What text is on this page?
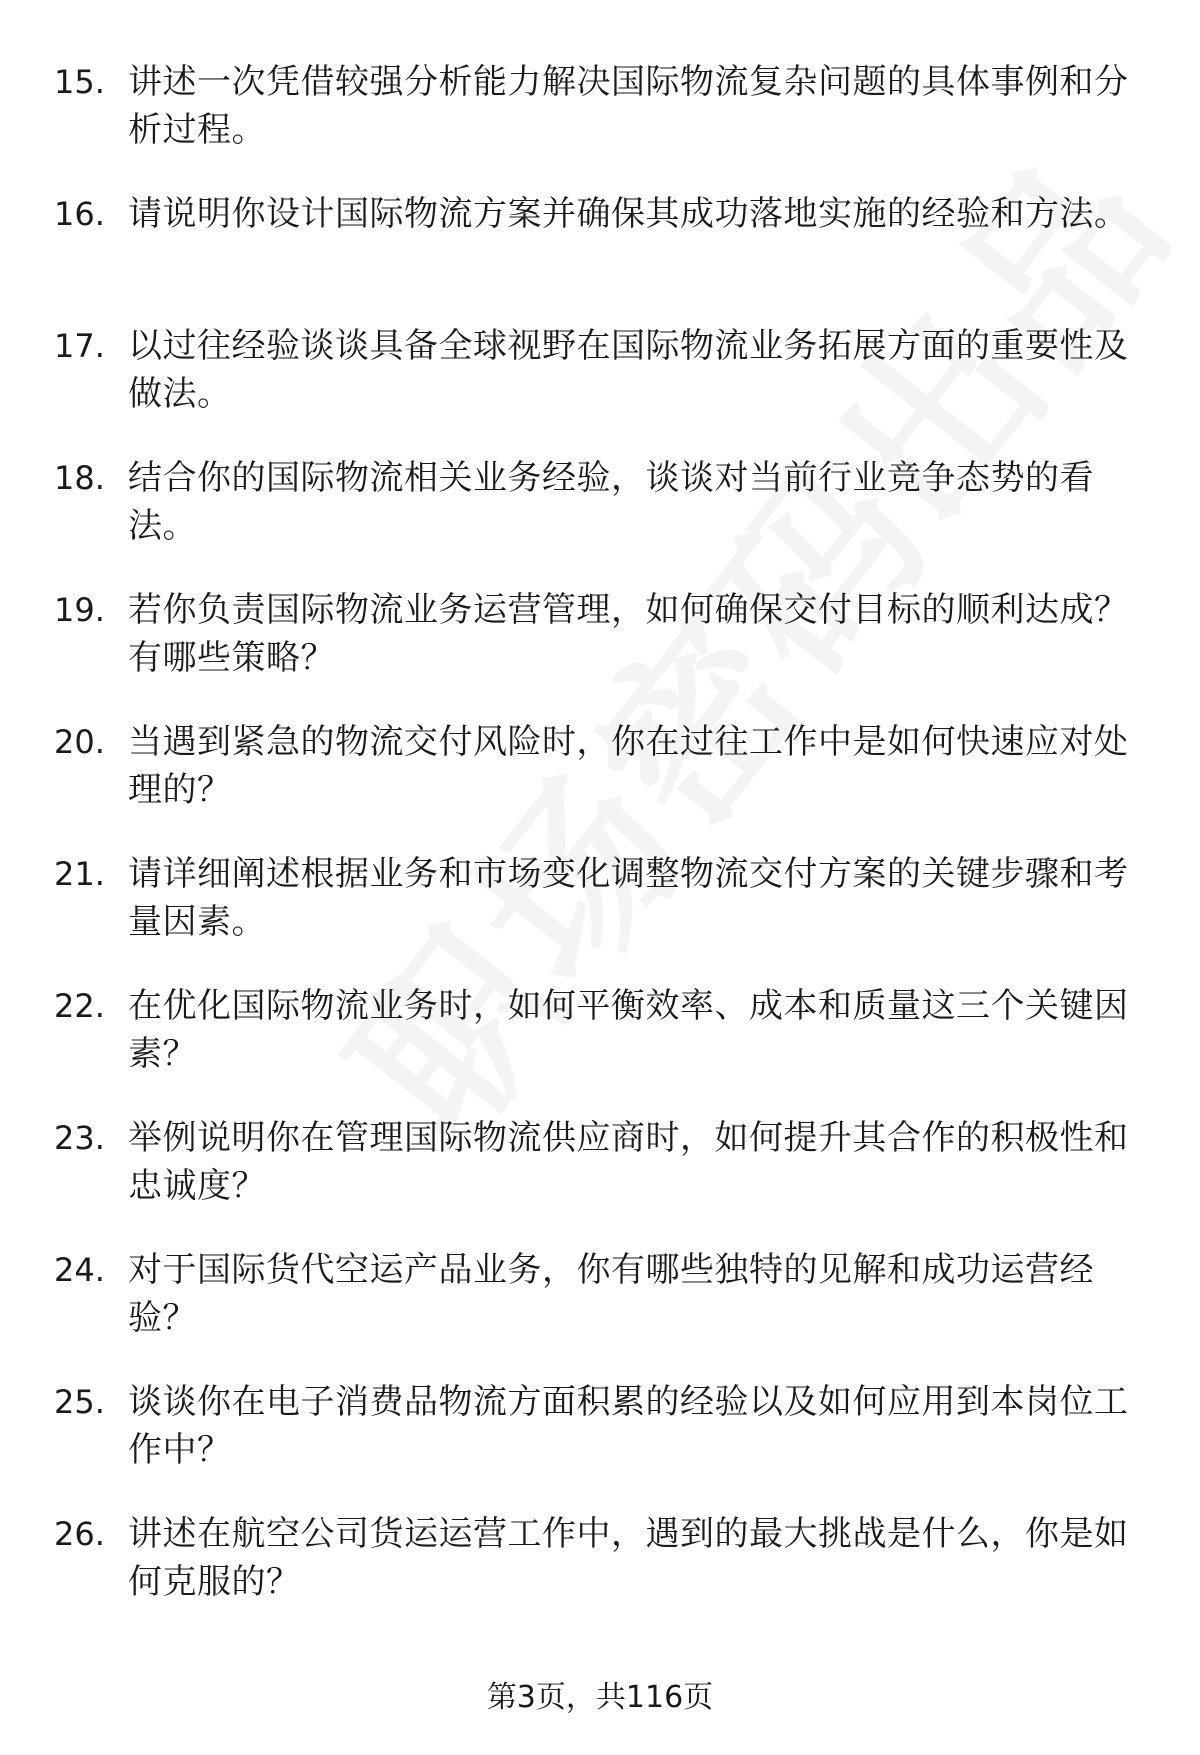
15. 讲述一次凭借较强分析能力解决国际物流复杂问题的具体事例和分析过程。
16. 请说明你设计国际物流方案并确保其成功落地实施的经验和方法。
17. 以过往经验谈谈具备全球视野在国际物流业务拓展方面的重要性及做法。
18. 结合你的国际物流相关业务经验，谈谈对当前行业竞争态势的看法。
19. 若你负责国际物流业务运营管理，如何确保交付目标的顺利达成？有哪些策略？
20. 当遇到紧急的物流交付风险时，你在过往工作中是如何快速应对处理的？
21. 请详细阐述根据业务和市场变化调整物流交付方案的关键步骤和考量因素。
22. 在优化国际物流业务时，如何平衡效率、成本和质量这三个关键因素？
23. 举例说明你在管理国际物流供应商时，如何提升其合作的积极性和忠诚度？
24. 对于国际货代空运产品业务，你有哪些独特的见解和成功运营经验？
25. 谈谈你在电子消费品物流方面积累的经验以及如何应用到本岗位工作中？
26. 讲述在航空公司货运运营工作中，遇到的最大挑战是什么，你是如何克服的？
第3页，共116页
